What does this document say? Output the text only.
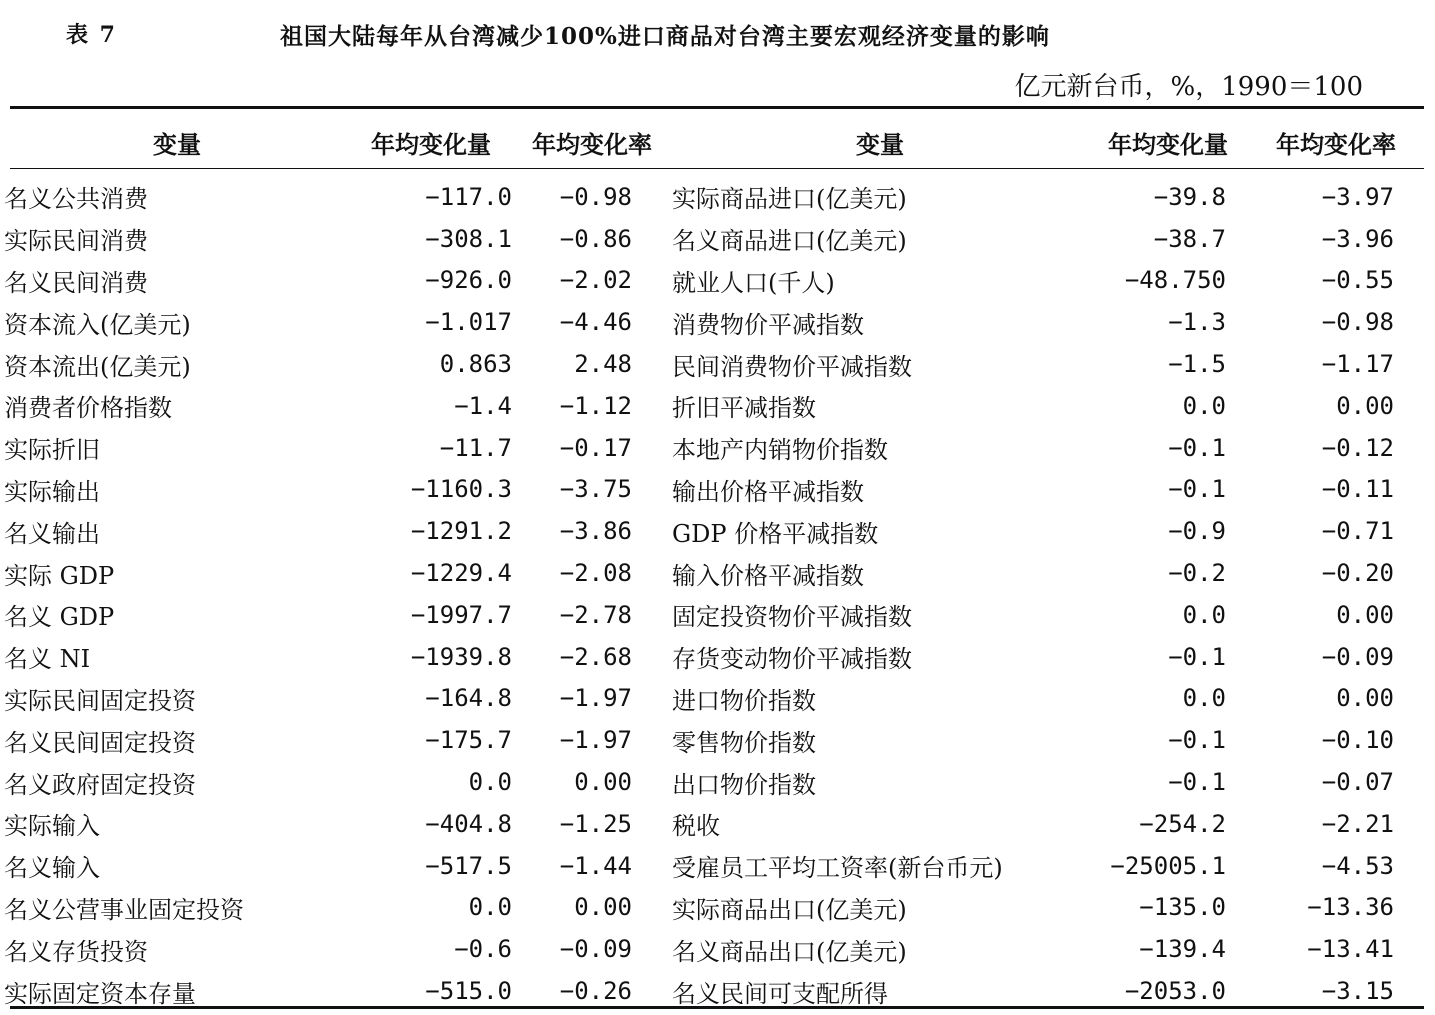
表 7	祖国大陆每年从台湾减少100%进口商品对台湾主要宏观经济变量的影响
亿元新台币，%，1990＝100
变量	年均变化量	年均变化率	变量	年均变化量	年均变化率

名义公共消费	−117.0	−0.98	实际商品进口(亿美元)	−39.8	−3.97
实际民间消费	−308.1	−0.86	名义商品进口(亿美元)	−38.7	−3.96
名义民间消费	−926.0	−2.02	就业人口(千人)	−48.750	−0.55
资本流入(亿美元)	−1.017	−4.46	消费物价平减指数	−1.3	−0.98
资本流出(亿美元)	0.863	2.48	民间消费物价平减指数	−1.5	−1.17
消费者价格指数	−1.4	−1.12	折旧平减指数	0.0	0.00
实际折旧	−11.7	−0.17	本地产内销物价指数	−0.1	−0.12
实际输出	−1160.3	−3.75	输出价格平减指数	−0.1	−0.11
名义输出	−1291.2	−3.86	GDP 价格平减指数	−0.9	−0.71
实际 GDP	−1229.4	−2.08	输入价格平减指数	−0.2	−0.20
名义 GDP	−1997.7	−2.78	固定投资物价平减指数	0.0	0.00
名义 NI	−1939.8	−2.68	存货变动物价平减指数	−0.1	−0.09
实际民间固定投资	−164.8	−1.97	进口物价指数	0.0	0.00
名义民间固定投资	−175.7	−1.97	零售物价指数	−0.1	−0.10
名义政府固定投资	0.0	0.00	出口物价指数	−0.1	−0.07
实际输入	−404.8	−1.25	税收	−254.2	−2.21
名义输入	−517.5	−1.44	受雇员工平均工资率(新台币元)	−25005.1	−4.53
名义公营事业固定投资	0.0	0.00	实际商品出口(亿美元)	−135.0	−13.36
名义存货投资	−0.6	−0.09	名义商品出口(亿美元)	−139.4	−13.41
实际固定资本存量	−515.0	−0.26	名义民间可支配所得	−2053.0	−3.15
